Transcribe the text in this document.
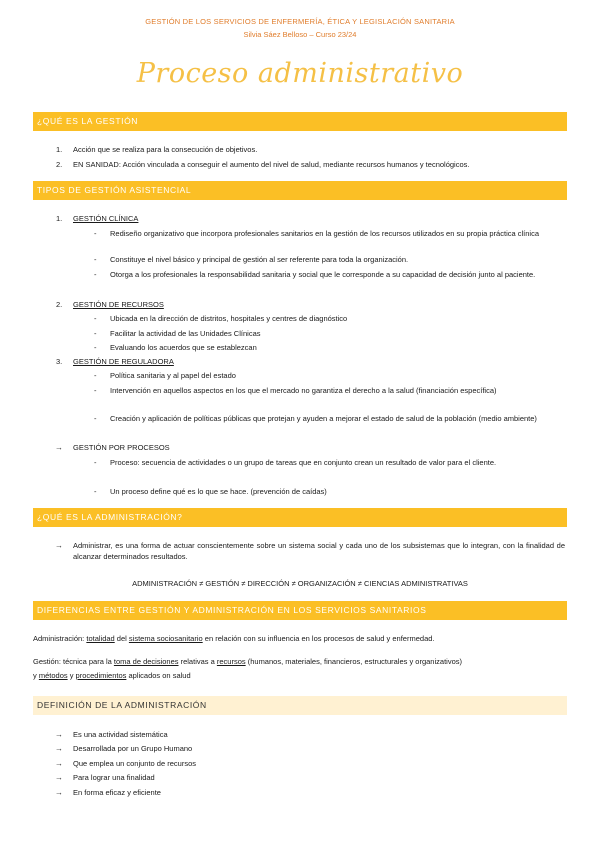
GESTIÓN DE LOS SERVICIOS DE ENFERMERÍA, ÉTICA Y LEGISLACIÓN SANITARIA
Silvia Sáez Belloso – Curso 23/24
Proceso administrativo
¿QUÉ ES LA GESTIÓN
1. Acción que se realiza para la consecución de objetivos.
2. EN SANIDAD: Acción vinculada a conseguir el aumento del nivel de salud, mediante recursos humanos y tecnológicos.
TIPOS DE GESTIÓN ASISTENCIAL
1. GESTIÓN CLÍNICA
- Rediseño organizativo que incorpora profesionales sanitarios en la gestión de los recursos utilizados en su propia práctica clínica
- Constituye el nivel básico y principal de gestión al ser referente para toda la organización.
- Otorga a los profesionales la responsabilidad sanitaria y social que le corresponde a su capacidad de decisión junto al paciente.
2. GESTIÓN DE RECURSOS
- Ubicada en la dirección de distritos, hospitales y centres de diagnóstico
- Facilitar la actividad de las Unidades Clínicas
- Evaluando los acuerdos que se establezcan
3. GESTIÓN DE REGULADORA
- Política sanitaria y al papel del estado
- Intervención en aquellos aspectos en los que el mercado no garantiza el derecho a la salud (financiación específica)
- Creación y aplicación de políticas públicas que protejan y ayuden a mejorar el estado de salud de la población (medio ambiente)
→ GESTIÓN POR PROCESOS
- Proceso: secuencia de actividades o un grupo de tareas que en conjunto crean un resultado de valor para el cliente.
- Un proceso define qué es lo que se hace. (prevención de caídas)
¿QUÉ ES LA ADMINISTRACIÓN?
→ Administrar, es una forma de actuar conscientemente sobre un sistema social y cada uno de los subsistemas que lo integran, con la finalidad de alcanzar determinados resultados.
ADMINISTRACIÓN ≠ GESTIÓN ≠ DIRECCIÓN ≠ ORGANIZACIÓN ≠ CIENCIAS ADMINISTRATIVAS
DIFERENCIAS ENTRE GESTIÓN Y ADMINISTRACIÓN EN LOS SERVICIOS SANITARIOS
Administración: totalidad del sistema sociosanitario en relación con su influencia en los procesos de salud y enfermedad.
Gestión: técnica para la toma de decisiones relativas a recursos (humanos, materiales, financieros, estructurales y organizativos)
y métodos y procedimientos aplicados on salud
DEFINICIÓN DE LA ADMINISTRACIÓN
→ Es una actividad sistemática
→ Desarrollada por un Grupo Humano
→ Que emplea un conjunto de recursos
→ Para lograr una finalidad
→ En forma eficaz y eficiente
